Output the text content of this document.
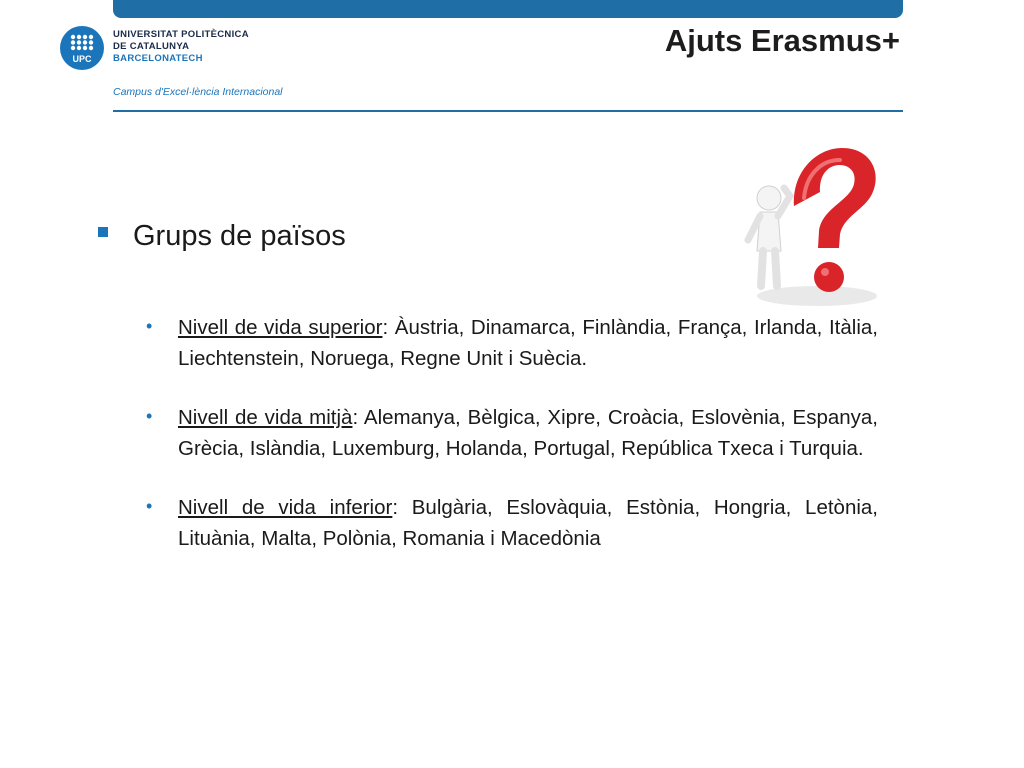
UPC
UNIVERSITAT POLITÈCNICA
DE CATALUNYA
BARCELONATECH
Campus d'Excel·lència Internacional
Ajuts Erasmus+
Grups de països
• Nivell de vida superior: Àustria, Dinamarca, Finlàndia, França, Irlanda, Itàlia, Liechtenstein, Noruega, Regne Unit i Suècia.

• Nivell de vida mitjà: Alemanya, Bèlgica, Xipre, Croàcia, Eslovènia, Espanya, Grècia, Islàndia, Luxemburg, Holanda, Portugal, República Txeca i Turquia.

• Nivell de vida inferior: Bulgària, Eslovàquia, Estònia, Hongria, Letònia, Lituània, Malta, Polònia, Romania i Macedònia
